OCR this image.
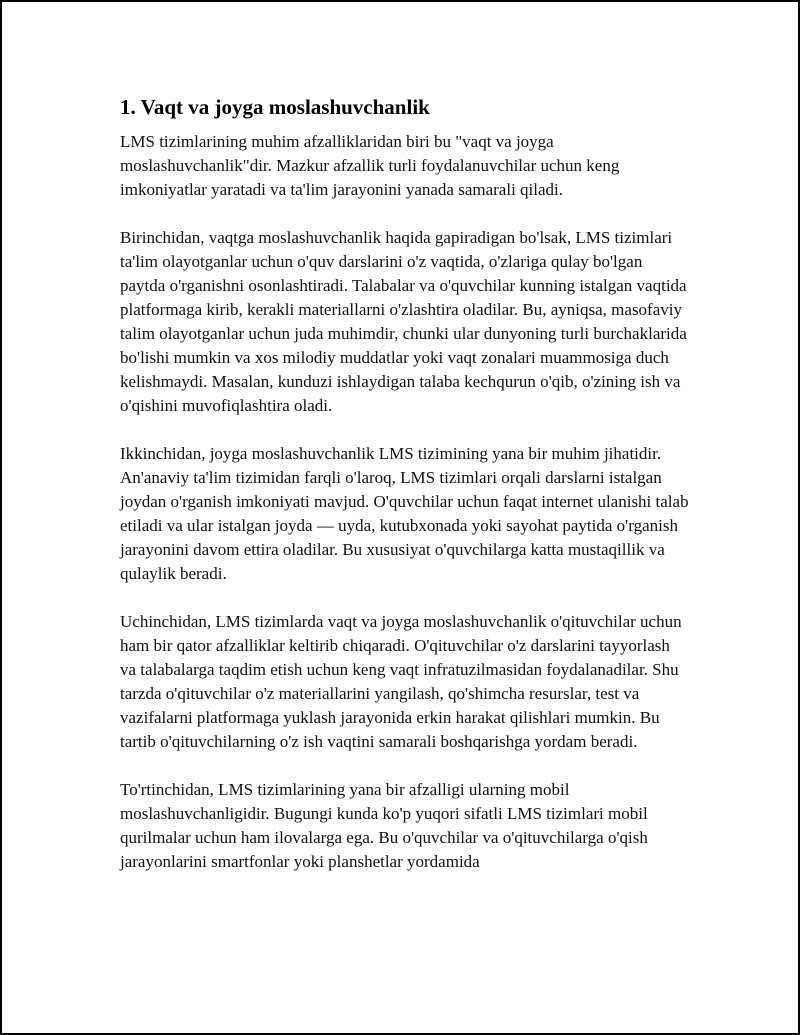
1. Vaqt va joyga moslashuvchanlik

LMS tizimlarining muhim afzalliklaridan biri bu "vaqt va joyga moslashuvchanlik"dir. Mazkur afzallik turli foydalanuvchilar uchun keng imkoniyatlar yaratadi va ta'lim jarayonini yanada samarali qiladi.

Birinchidan, vaqtga moslashuvchanlik haqida gapiradigan bo'lsak, LMS tizimlari ta'lim olayotganlar uchun o'quv darslarini o'z vaqtida, o'zlariga qulay bo'lgan paytda o'rganishni osonlashtiradi. Talabalar va o'quvchilar kunning istalgan vaqtida platformaga kirib, kerakli materiallarni o'zlashtira oladilar. Bu, ayniqsa, masofaviy talim olayotganlar uchun juda muhimdir, chunki ular dunyoning turli burchaklarida bo'lishi mumkin va xos milodiy muddatlar yoki vaqt zonalari muammosiga duch kelishmaydi. Masalan, kunduzi ishlaydigan talaba kechqurun o'qib, o'zining ish va o'qishini muvofiqlashtira oladi.

Ikkinchidan, joyga moslashuvchanlik LMS tizimining yana bir muhim jihatidir. An'anaviy ta'lim tizimidan farqli o'laroq, LMS tizimlari orqali darslarni istalgan joydan o'rganish imkoniyati mavjud. O'quvchilar uchun faqat internet ulanishi talab etiladi va ular istalgan joyda — uyda, kutubxonada yoki sayohat paytida o'rganish jarayonini davom ettira oladilar. Bu xususiyat o'quvchilarga katta mustaqillik va qulaylik beradi.

Uchinchidan, LMS tizimlarda vaqt va joyga moslashuvchanlik o'qituvchilar uchun ham bir qator afzalliklar keltirib chiqaradi. O'qituvchilar o'z darslarini tayyorlash va talabalarga taqdim etish uchun keng vaqt infratuzilmasidan foydalanadilar. Shu tarzda o'qituvchilar o'z materiallarini yangilash, qo'shimcha resurslar, test va vazifalarni platformaga yuklash jarayonida erkin harakat qilishlari mumkin. Bu tartib o'qituvchilarning o'z ish vaqtini samarali boshqarishga yordam beradi.

To'rtinchidan, LMS tizimlarining yana bir afzalligi ularning mobil moslashuvchanligidir. Bugungi kunda ko'p yuqori sifatli LMS tizimlari mobil qurilmalar uchun ham ilovalarga ega. Bu o'quvchilar va o'qituvchilarga o'qish jarayonlarini smartfonlar yoki planshetlar yordamida
